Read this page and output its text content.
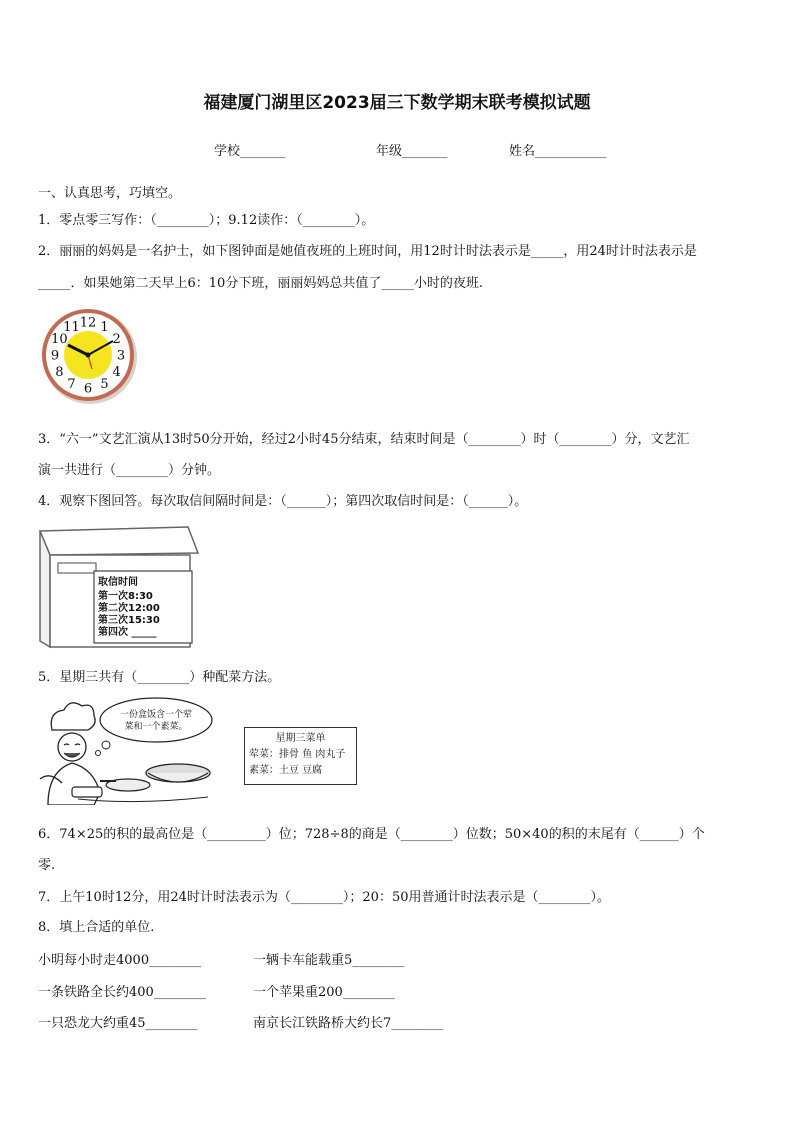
福建厦门湖里区2023届三下数学期末联考模拟试题
学校_______	年级_______	姓名___________
一、认真思考，巧填空。
1．零点零三写作：（________）；9.12读作：（________）。
2．丽丽的妈妈是一名护士，如下图钟面是她值夜班的上班时间，用12时计时法表示是_____，用24时计时法表示是
_____．如果她第二天早上6：10分下班，丽丽妈妈总共值了_____小时的夜班.
12 1
2
3
4
5
6
7
8
9
10
11
3．“六一”文艺汇演从13时50分开始，经过2小时45分结束，结束时间是（________）时（________）分，文艺汇
演一共进行（________）分钟。
4．观察下图回答。每次取信间隔时间是：（______）；第四次取信时间是：（______）。
取信时间
第一次8:30
第二次12:00
第三次15:30
第四次 _____
5．星期三共有（________）种配菜方法。
一份盒饭含一个荤
菜和一个素菜。
星期三菜单
荤菜：排骨 鱼 肉丸子
素菜：土豆 豆腐
6．74×25的积的最高位是（_________）位；728÷8的商是（________）位数；50×40的积的末尾有（______）个
零.
7．上午10时12分，用24时计时法表示为（________）；20：50用普通计时法表示是（________）。
8．填上合适的单位.
小明每小时走4000________	一辆卡车能载重5________
一条铁路全长约400________	一个苹果重200________
一只恐龙大约重45________	南京长江铁路桥大约长7________
